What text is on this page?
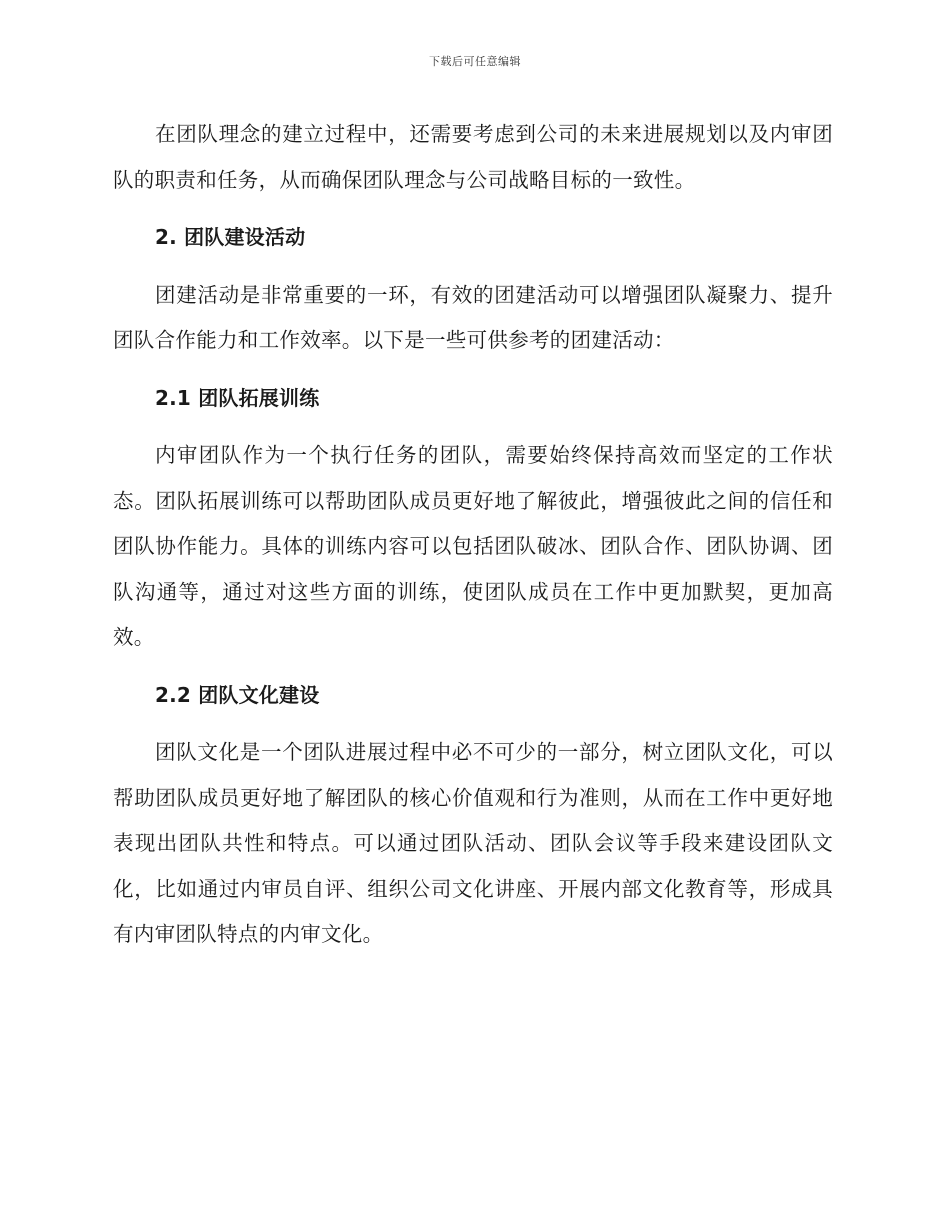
下载后可任意编辑

在团队理念的建立过程中，还需要考虑到公司的未来进展规划以及内审团队的职责和任务，从而确保团队理念与公司战略目标的一致性。

2. 团队建设活动

团建活动是非常重要的一环，有效的团建活动可以增强团队凝聚力、提升团队合作能力和工作效率。以下是一些可供参考的团建活动：

2.1 团队拓展训练

内审团队作为一个执行任务的团队，需要始终保持高效而坚定的工作状态。团队拓展训练可以帮助团队成员更好地了解彼此，增强彼此之间的信任和团队协作能力。具体的训练内容可以包括团队破冰、团队合作、团队协调、团队沟通等，通过对这些方面的训练，使团队成员在工作中更加默契，更加高效。

2.2 团队文化建设

团队文化是一个团队进展过程中必不可少的一部分，树立团队文化，可以帮助团队成员更好地了解团队的核心价值观和行为准则，从而在工作中更好地表现出团队共性和特点。可以通过团队活动、团队会议等手段来建设团队文化，比如通过内审员自评、组织公司文化讲座、开展内部文化教育等，形成具有内审团队特点的内审文化。
